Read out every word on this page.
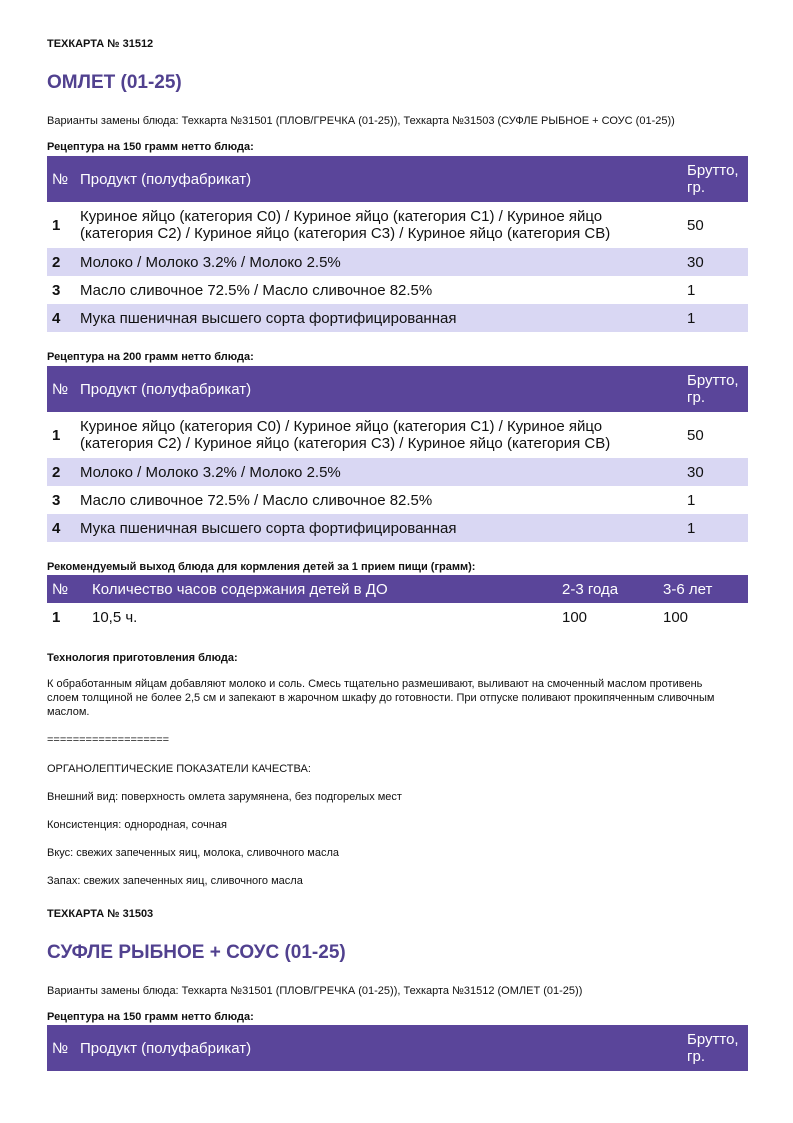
ТЕХКАРТА № 31512
ОМЛЕТ (01-25)
Варианты замены блюда: Техкарта №31501 (ПЛОВ/ГРЕЧКА (01-25)), Техкарта №31503 (СУФЛЕ РЫБНОЕ + СОУС (01-25))
Рецептура на 150 грамм нетто блюда:
№	Продукт (полуфабрикат)	Брутто, гр.
1	Куриное яйцо (категория С0) / Куриное яйцо (категория С1) / Куриное яйцо (категория С2) / Куриное яйцо (категория С3) / Куриное яйцо (категория СВ)	50
2	Молоко / Молоко 3.2% / Молоко 2.5%	30
3	Масло сливочное 72.5% / Масло сливочное 82.5%	1
4	Мука пшеничная высшего сорта фортифицированная	1
Рецептура на 200 грамм нетто блюда:
№	Продукт (полуфабрикат)	Брутто, гр.
1	Куриное яйцо (категория С0) / Куриное яйцо (категория С1) / Куриное яйцо (категория С2) / Куриное яйцо (категория С3) / Куриное яйцо (категория СВ)	50
2	Молоко / Молоко 3.2% / Молоко 2.5%	30
3	Масло сливочное 72.5% / Масло сливочное 82.5%	1
4	Мука пшеничная высшего сорта фортифицированная	1
Рекомендуемый выход блюда для кормления детей за 1 прием пищи (грамм):
№	Количество часов содержания детей в ДО	2-3 года	3-6 лет
1	10,5 ч.	100	100
Технология приготовления блюда:
К обработанным яйцам добавляют молоко и соль. Смесь тщательно размешивают, выливают на смоченный маслом противень слоем толщиной не более 2,5 см и запекают в жарочном шкафу до готовности. При отпуске поливают прокипяченным сливочным маслом.
===================
ОРГАНОЛЕПТИЧЕСКИЕ ПОКАЗАТЕЛИ КАЧЕСТВА:
Внешний вид: поверхность омлета зарумянена, без подгорелых мест
Консистенция: однородная, сочная
Вкус: свежих запеченных яиц, молока, сливочного масла
Запах: свежих запеченных яиц, сливочного масла
ТЕХКАРТА № 31503
СУФЛЕ РЫБНОЕ + СОУС (01-25)
Варианты замены блюда: Техкарта №31501 (ПЛОВ/ГРЕЧКА (01-25)), Техкарта №31512 (ОМЛЕТ (01-25))
Рецептура на 150 грамм нетто блюда:
№	Продукт (полуфабрикат)	Брутто, гр.
